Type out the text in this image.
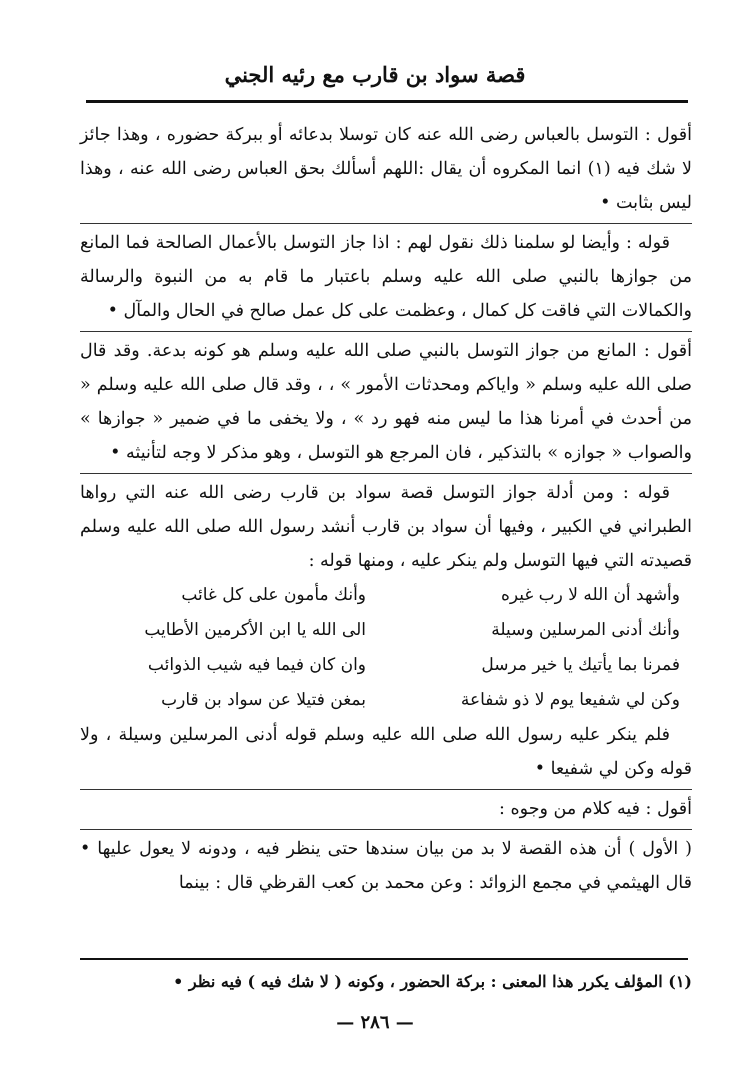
قصة سواد بن قارب مع رئيه الجني

أقول : التوسل بالعباس رضى الله عنه كان توسلا بدعائه أو ببركة حضوره ، وهذا جائز لا شك فيه (١) انما المكروه أن يقال :اللهم أسألك بحق العباس رضى الله عنه ، وهذا ليس بثابت •

قوله : وأيضا لو سلمنا ذلك نقول لهم : اذا جاز التوسل بالأعمال الصالحة فما المانع من جوازها بالنبي صلى الله عليه وسلم باعتبار ما قام به من النبوة والرسالة والكمالات التي فاقت كل كمال ، وعظمت على كل عمل صالح في الحال والمآل •

أقول : المانع من جواز التوسل بالنبي صلى الله عليه وسلم هو كونه بدعة. وقد قال صلى الله عليه وسلم « واياكم ومحدثات الأمور » ، ، وقد قال صلى الله عليه وسلم « من أحدث في أمرنا هذا ما ليس منه فهو رد » ، ولا يخفى ما في ضمير « جوازها » والصواب « جوازه » بالتذكير ، فان المرجع هو التوسل ، وهو مذكر لا وجه لتأنيثه •

قوله : ومن أدلة جواز التوسل قصة سواد بن قارب رضى الله عنه التي رواها الطبراني في الكبير ، وفيها أن سواد بن قارب أنشد رسول الله صلى الله عليه وسلم قصيدته التي فيها التوسل ولم ينكر عليه ، ومنها قوله :

وأشهد أن الله لا رب غيره
وأنك مأمون على كل غائب
وأنك أدنى المرسلين وسيلة
الى الله يا ابن الأكرمين الأطايب
فمرنا بما يأتيك يا خير مرسل
وان كان فيما فيه شيب الذوائب
وكن لي شفيعا يوم لا ذو شفاعة
بمغن فتيلا عن سواد بن قارب

فلم ينكر عليه رسول الله صلى الله عليه وسلم قوله أدنى المرسلين وسيلة ، ولا قوله وكن لي شفيعا •

أقول : فيه كلام من وجوه :

( الأول ) أن هذه القصة لا بد من بيان سندها حتى ينظر فيه ، ودونه لا يعول عليها • قال الهيثمي في مجمع الزوائد : وعن محمد بن كعب القرظي قال : بينما

(١) المؤلف يكرر هذا المعنى : بركة الحضور ، وكونه ( لا شك فيه ) فيه نظر •
— ٢٨٦ —
